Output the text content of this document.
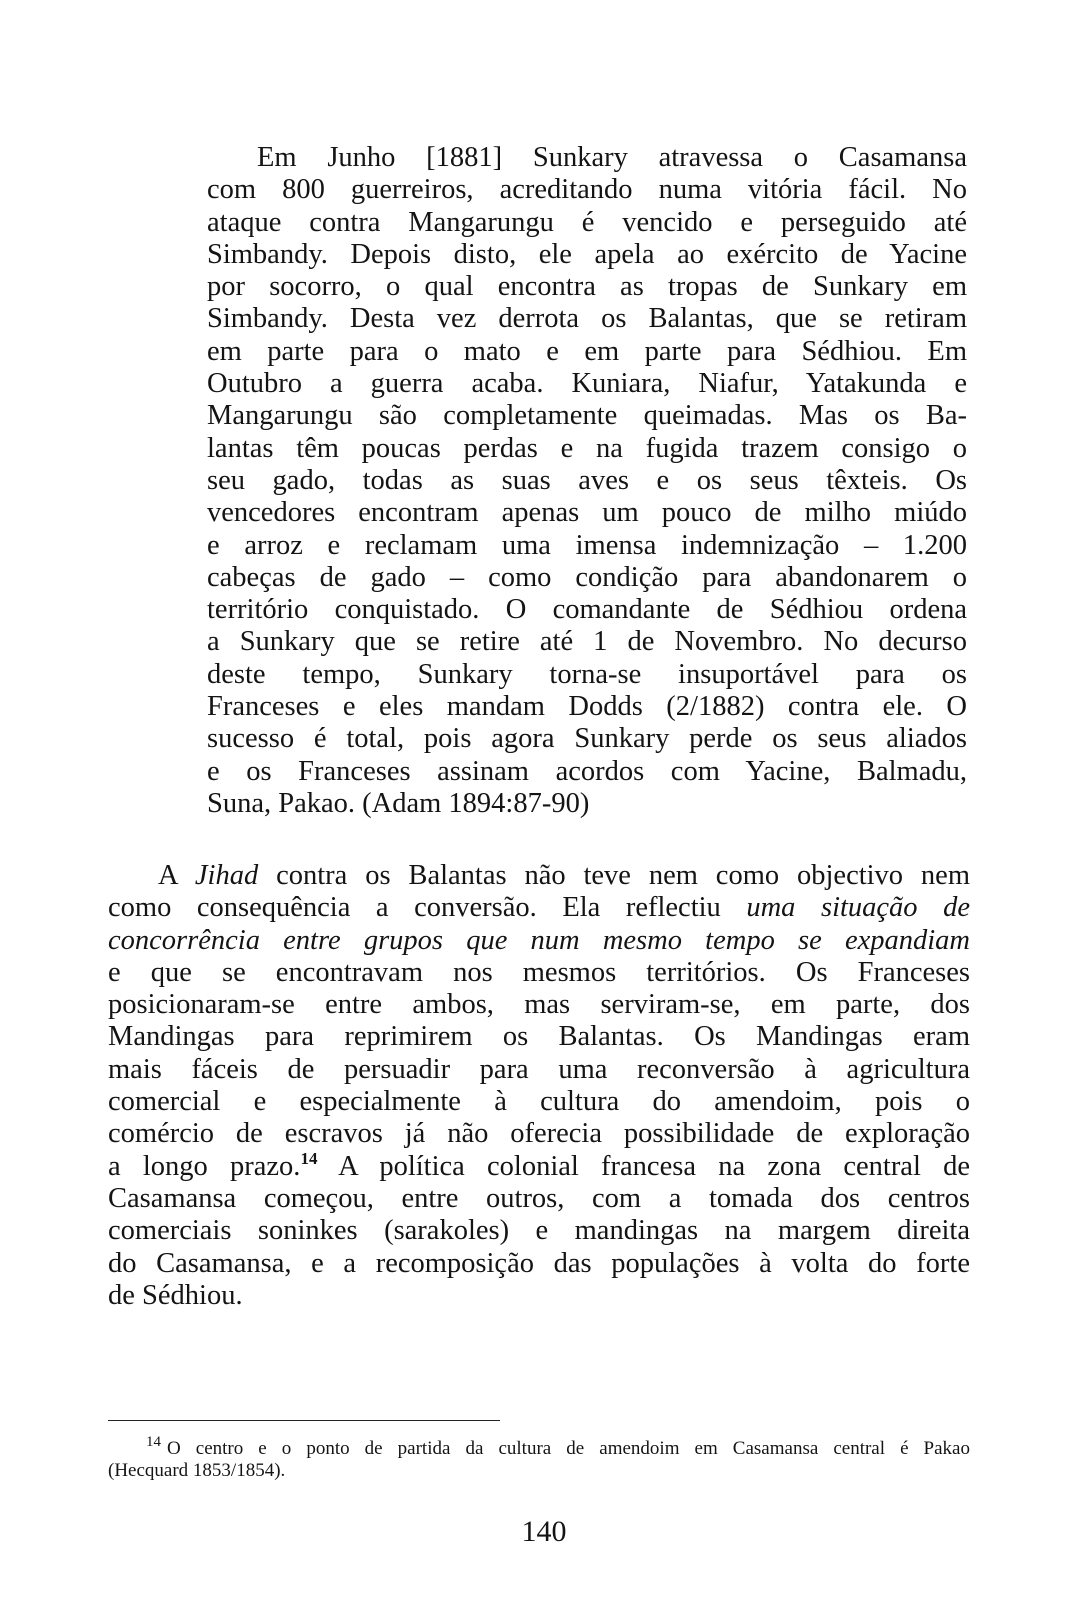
Em Junho [1881] Sunkary atravessa o Casamansa
com 800 guerreiros, acreditando numa vitória fácil. No
ataque contra Mangarungu é vencido e perseguido até
Simbandy. Depois disto, ele apela ao exército de Yacine
por socorro, o qual encontra as tropas de Sunkary em
Simbandy. Desta vez derrota os Balantas, que se retiram
em parte para o mato e em parte para Sédhiou. Em
Outubro a guerra acaba. Kuniara, Niafur, Yatakunda e
Mangarungu são completamente queimadas. Mas os Ba-
lantas têm poucas perdas e na fugida trazem consigo o
seu gado, todas as suas aves e os seus têxteis. Os
vencedores encontram apenas um pouco de milho miúdo
e arroz e reclamam uma imensa indemnização – 1.200
cabeças de gado – como condição para abandonarem o
território conquistado. O comandante de Sédhiou ordena
a Sunkary que se retire até 1 de Novembro. No decurso
deste tempo, Sunkary torna-se insuportável para os
Franceses e eles mandam Dodds (2/1882) contra ele. O
sucesso é total, pois agora Sunkary perde os seus aliados
e os Franceses assinam acordos com Yacine, Balmadu,
Suna, Pakao. (Adam 1894:87-90)
A Jihad contra os Balantas não teve nem como objectivo nem
como consequência a conversão. Ela reflectiu uma situação de
concorrência entre grupos que num mesmo tempo se expandiam
e que se encontravam nos mesmos territórios. Os Franceses
posicionaram-se entre ambos, mas serviram-se, em parte, dos
Mandingas para reprimirem os Balantas. Os Mandingas eram
mais fáceis de persuadir para uma reconversão à agricultura
comercial e especialmente à cultura do amendoim, pois o
comércio de escravos já não oferecia possibilidade de exploração
a longo prazo.$^{14}$ A política colonial francesa na zona central de
Casamansa começou, entre outros, com a tomada dos centros
comerciais soninkes (sarakoles) e mandingas na margem direita
do Casamansa, e a recomposição das populações à volta do forte
de Sédhiou.
$^{14}$ O centro e o ponto de partida da cultura de amendoim em Casamansa central é Pakao
(Hecquard 1853/1854).
140
